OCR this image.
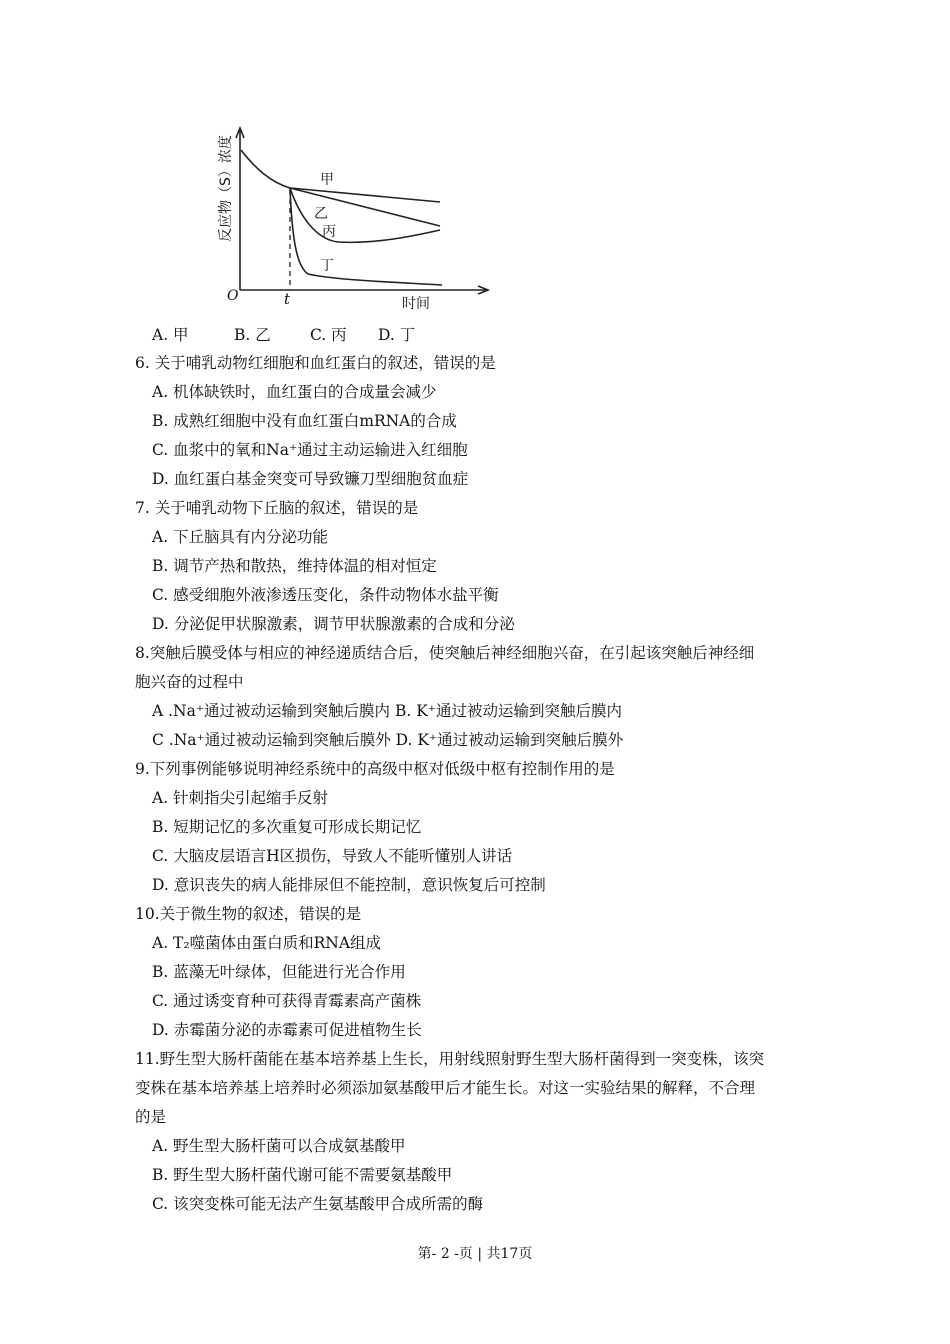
反应物（S）浓度
时间
O	t
甲
乙
丙
丁
A. 甲	B. 乙	C. 丙 D. 丁
6. 关于哺乳动物红细胞和血红蛋白的叙述，错误的是
A. 机体缺铁时，血红蛋白的合成量会减少
B. 成熟红细胞中没有血红蛋白mRNA的合成
C. 血浆中的氧和Na⁺通过主动运输进入红细胞
D. 血红蛋白基金突变可导致镰刀型细胞贫血症
7. 关于哺乳动物下丘脑的叙述，错误的是
A. 下丘脑具有内分泌功能
B. 调节产热和散热，维持体温的相对恒定
C. 感受细胞外液渗透压变化，条件动物体水盐平衡
D. 分泌促甲状腺激素，调节甲状腺激素的合成和分泌
8.突触后膜受体与相应的神经递质结合后，使突触后神经细胞兴奋，在引起该突触后神经细
胞兴奋的过程中
A .Na⁺通过被动运输到突触后膜内 B. K⁺通过被动运输到突触后膜内
C .Na⁺通过被动运输到突触后膜外 D. K⁺通过被动运输到突触后膜外
9.下列事例能够说明神经系统中的高级中枢对低级中枢有控制作用的是
A. 针刺指尖引起缩手反射
B. 短期记忆的多次重复可形成长期记忆
C. 大脑皮层语言H区损伤，导致人不能听懂别人讲话
D. 意识丧失的病人能排尿但不能控制，意识恢复后可控制
10.关于微生物的叙述，错误的是
A. T₂噬菌体由蛋白质和RNA组成
B. 蓝藻无叶绿体，但能进行光合作用
C. 通过诱变育种可获得青霉素高产菌株
D. 赤霉菌分泌的赤霉素可促进植物生长
11.野生型大肠杆菌能在基本培养基上生长，用射线照射野生型大肠杆菌得到一突变株，该突
变株在基本培养基上培养时必须添加氨基酸甲后才能生长。对这一实验结果的解释，不合理
的是
A. 野生型大肠杆菌可以合成氨基酸甲
B. 野生型大肠杆菌代谢可能不需要氨基酸甲
C. 该突变株可能无法产生氨基酸甲合成所需的酶
第- 2 -页 | 共17页
